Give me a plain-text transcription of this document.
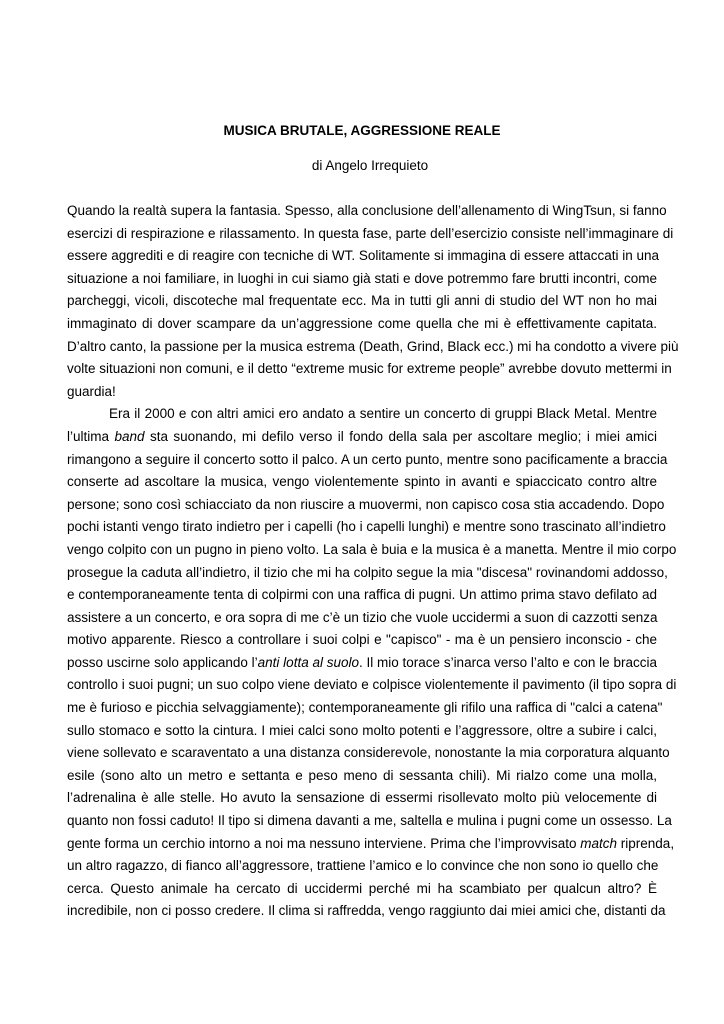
MUSICA BRUTALE, AGGRESSIONE REALE

di Angelo Irrequieto

Quando la realtà supera la fantasia. Spesso, alla conclusione dell’allenamento di WingTsun, si fanno
esercizi di respirazione e rilassamento. In questa fase, parte dell’esercizio consiste nell’immaginare di
essere aggrediti e di reagire con tecniche di WT. Solitamente si immagina di essere attaccati in una
situazione a noi familiare, in luoghi in cui siamo già stati e dove potremmo fare brutti incontri, come
parcheggi, vicoli, discoteche mal frequentate ecc. Ma in tutti gli anni di studio del WT non ho mai
immaginato di dover scampare da un’aggressione come quella che mi è effettivamente capitata.
D’altro canto, la passione per la musica estrema (Death, Grind, Black ecc.) mi ha condotto a vivere più
volte situazioni non comuni, e il detto “extreme music for extreme people” avrebbe dovuto mettermi in
guardia!
Era il 2000 e con altri amici ero andato a sentire un concerto di gruppi Black Metal. Mentre
l’ultima band sta suonando, mi defilo verso il fondo della sala per ascoltare meglio; i miei amici
rimangono a seguire il concerto sotto il palco. A un certo punto, mentre sono pacificamente a braccia
conserte ad ascoltare la musica, vengo violentemente spinto in avanti e spiaccicato contro altre
persone; sono così schiacciato da non riuscire a muovermi, non capisco cosa stia accadendo. Dopo
pochi istanti vengo tirato indietro per i capelli (ho i capelli lunghi) e mentre sono trascinato all’indietro
vengo colpito con un pugno in pieno volto. La sala è buia e la musica è a manetta. Mentre il mio corpo
prosegue la caduta all’indietro, il tizio che mi ha colpito segue la mia "discesa" rovinandomi addosso,
e contemporaneamente tenta di colpirmi con una raffica di pugni. Un attimo prima stavo defilato ad
assistere a un concerto, e ora sopra di me c’è un tizio che vuole uccidermi a suon di cazzotti senza
motivo apparente. Riesco a controllare i suoi colpi e "capisco" - ma è un pensiero inconscio - che
posso uscirne solo applicando l’anti lotta al suolo. Il mio torace s’inarca verso l’alto e con le braccia
controllo i suoi pugni; un suo colpo viene deviato e colpisce violentemente il pavimento (il tipo sopra di
me è furioso e picchia selvaggiamente); contemporaneamente gli rifilo una raffica di "calci a catena"
sullo stomaco e sotto la cintura. I miei calci sono molto potenti e l’aggressore, oltre a subire i calci,
viene sollevato e scaraventato a una distanza considerevole, nonostante la mia corporatura alquanto
esile (sono alto un metro e settanta e peso meno di sessanta chili). Mi rialzo come una molla,
l’adrenalina è alle stelle. Ho avuto la sensazione di essermi risollevato molto più velocemente di
quanto non fossi caduto! Il tipo si dimena davanti a me, saltella e mulina i pugni come un ossesso. La
gente forma un cerchio intorno a noi ma nessuno interviene. Prima che l’improvvisato match riprenda,
un altro ragazzo, di fianco all’aggressore, trattiene l’amico e lo convince che non sono io quello che
cerca. Questo animale ha cercato di uccidermi perché mi ha scambiato per qualcun altro? È
incredibile, non ci posso credere. Il clima si raffredda, vengo raggiunto dai miei amici che, distanti da
